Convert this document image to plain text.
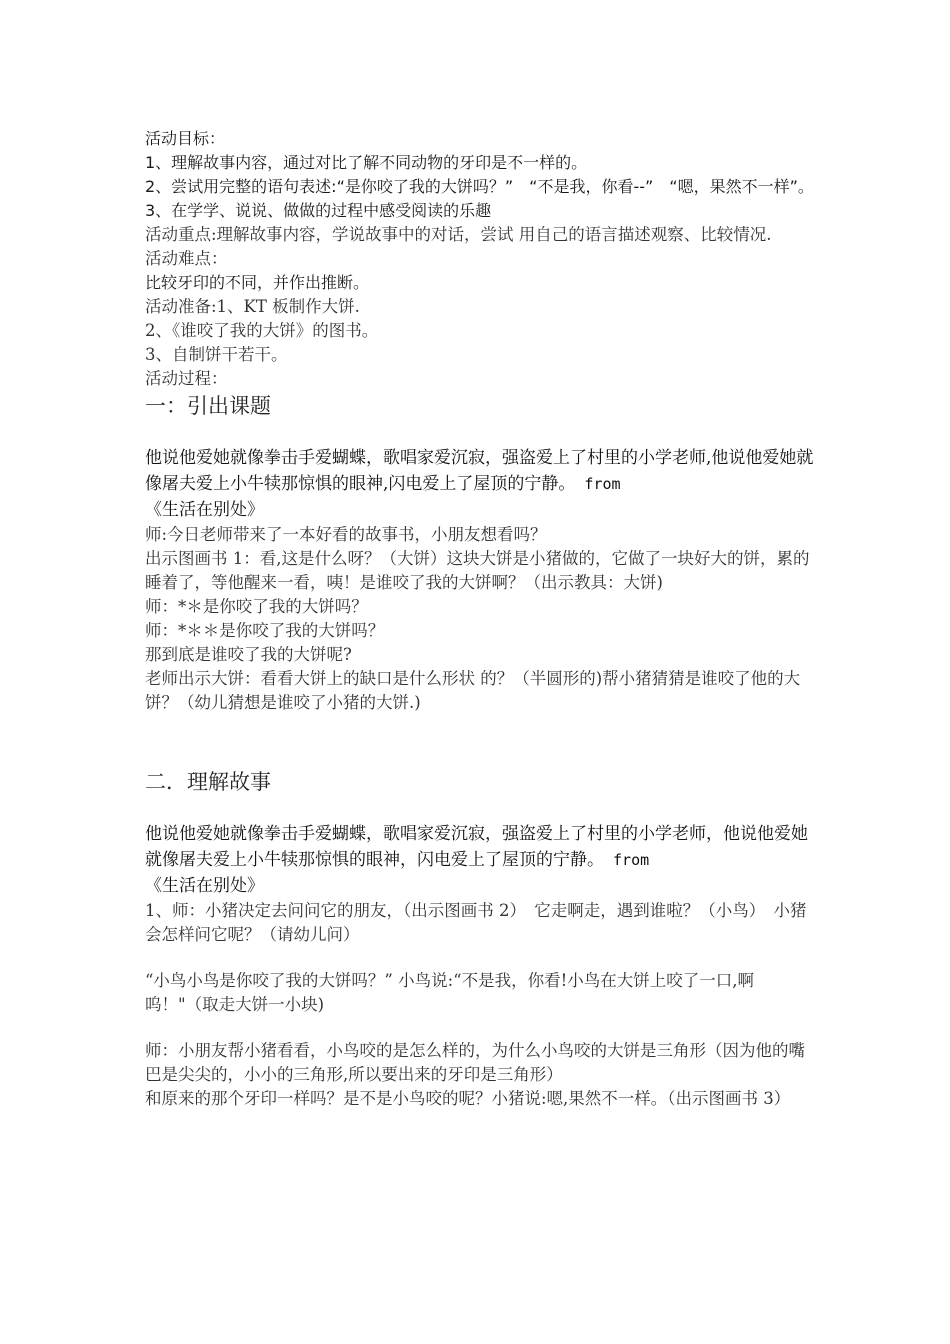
活动目标：

1、理解故事内容，通过对比了解不同动物的牙印是不一样的。

2、尝试用完整的语句表述:“是你咬了我的大饼吗？”　“不是我，你看--”　“嗯，果然不一样”。

3、在学学、说说、做做的过程中感受阅读的乐趣

活动重点:理解故事内容，学说故事中的对话，尝试 用自己的语言描述观察、比较情况.

活动难点：

比较牙印的不同，并作出推断。

活动准备:1、KT 板制作大饼.

2、《谁咬了我的大饼》的图书。

3、自制饼干若干。

活动过程：

一：引出课题

他说他爱她就像拳击手爱蝴蝶，歌唱家爱沉寂，强盗爱上了村里的小学老师,他说他爱她就像屠夫爱上小牛犊那惊惧的眼神,闪电爱上了屋顶的宁静。 from

《生活在别处》

师:今日老师带来了一本好看的故事书，小朋友想看吗？

出示图画书 1：看,这是什么呀？（大饼）这块大饼是小猪做的，它做了一块好大的饼，累的睡着了，等他醒来一看，咦！是谁咬了我的大饼啊？（出示教具：大饼)

师：*＊是你咬了我的大饼吗？

师：*＊＊是你咬了我的大饼吗？

那到底是谁咬了我的大饼呢?

老师出示大饼：看看大饼上的缺口是什么形状 的？（半圆形的)帮小猪猜猜是谁咬了他的大饼？（幼儿猜想是谁咬了小猪的大饼.)

二．理解故事

他说他爱她就像拳击手爱蝴蝶，歌唱家爱沉寂，强盗爱上了村里的小学老师，他说他爱她就像屠夫爱上小牛犊那惊惧的眼神，闪电爱上了屋顶的宁静。 from

《生活在别处》

1、师：小猪决定去问问它的朋友，（出示图画书 2）　它走啊走，遇到谁啦？（小鸟）　小猪会怎样问它呢？（请幼儿问）

“小鸟小鸟是你咬了我的大饼吗？” 小鸟说:“不是我，你看!小鸟在大饼上咬了一口,啊呜！"（取走大饼一小块)

师：小朋友帮小猪看看，小鸟咬的是怎么样的，为什么小鸟咬的大饼是三角形（因为他的嘴巴是尖尖的，小小的三角形,所以要出来的牙印是三角形）

和原来的那个牙印一样吗？是不是小鸟咬的呢？小猪说:嗯,果然不一样。（出示图画书 3）
